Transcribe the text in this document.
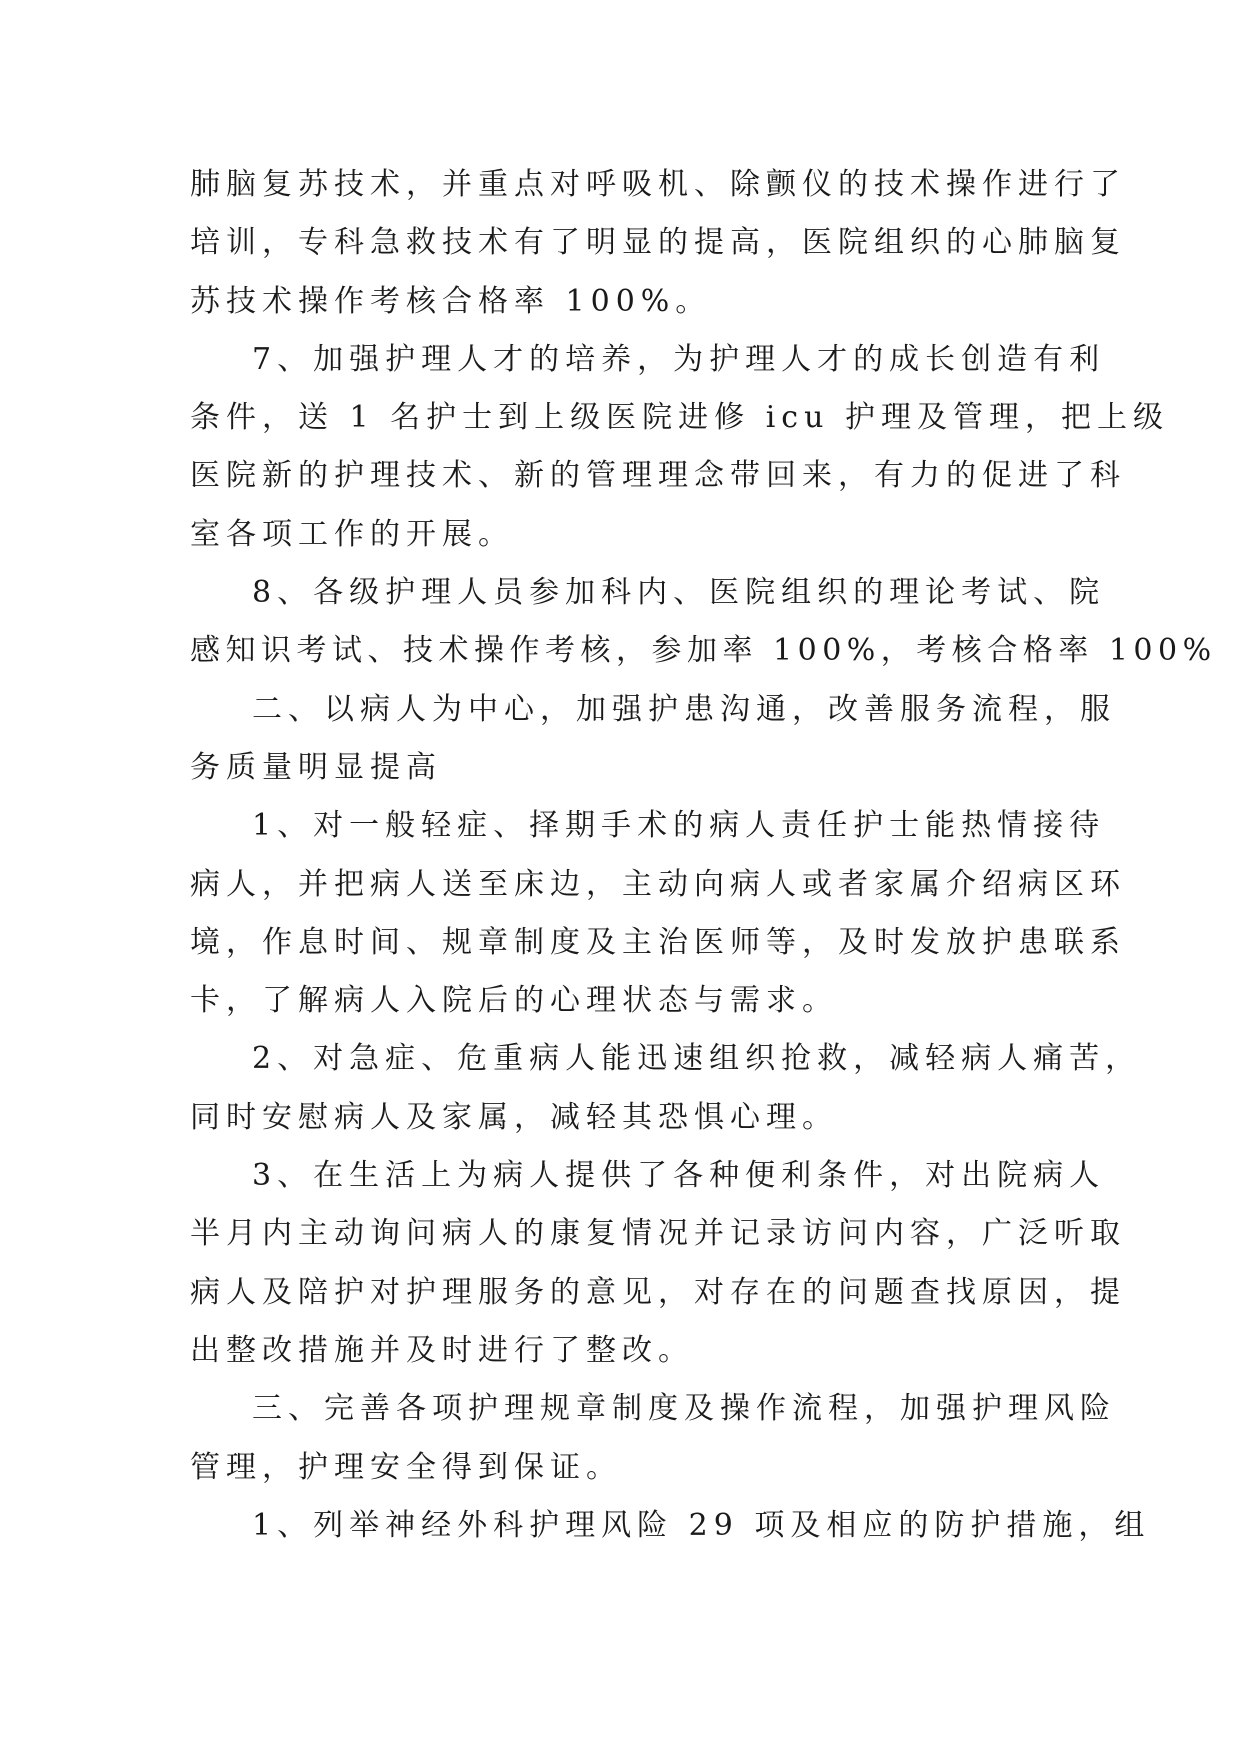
肺脑复苏技术，并重点对呼吸机、除颤仪的技术操作进行了
培训，专科急救技术有了明显的提高，医院组织的心肺脑复
苏技术操作考核合格率 100%。
7、加强护理人才的培养，为护理人才的成长创造有利
条件，送 1 名护士到上级医院进修 icu 护理及管理，把上级
医院新的护理技术、新的管理理念带回来，有力的促进了科
室各项工作的开展。
8、各级护理人员参加科内、医院组织的理论考试、院
感知识考试、技术操作考核，参加率 100%，考核合格率 100%
二、以病人为中心，加强护患沟通，改善服务流程，服
务质量明显提高
1、对一般轻症、择期手术的病人责任护士能热情接待
病人，并把病人送至床边，主动向病人或者家属介绍病区环
境，作息时间、规章制度及主治医师等，及时发放护患联系
卡，了解病人入院后的心理状态与需求。
2、对急症、危重病人能迅速组织抢救，减轻病人痛苦，
同时安慰病人及家属，减轻其恐惧心理。
3、在生活上为病人提供了各种便利条件，对出院病人
半月内主动询问病人的康复情况并记录访问内容，广泛听取
病人及陪护对护理服务的意见，对存在的问题查找原因，提
出整改措施并及时进行了整改。
三、完善各项护理规章制度及操作流程，加强护理风险
管理，护理安全得到保证。
1、列举神经外科护理风险 29 项及相应的防护措施，组
